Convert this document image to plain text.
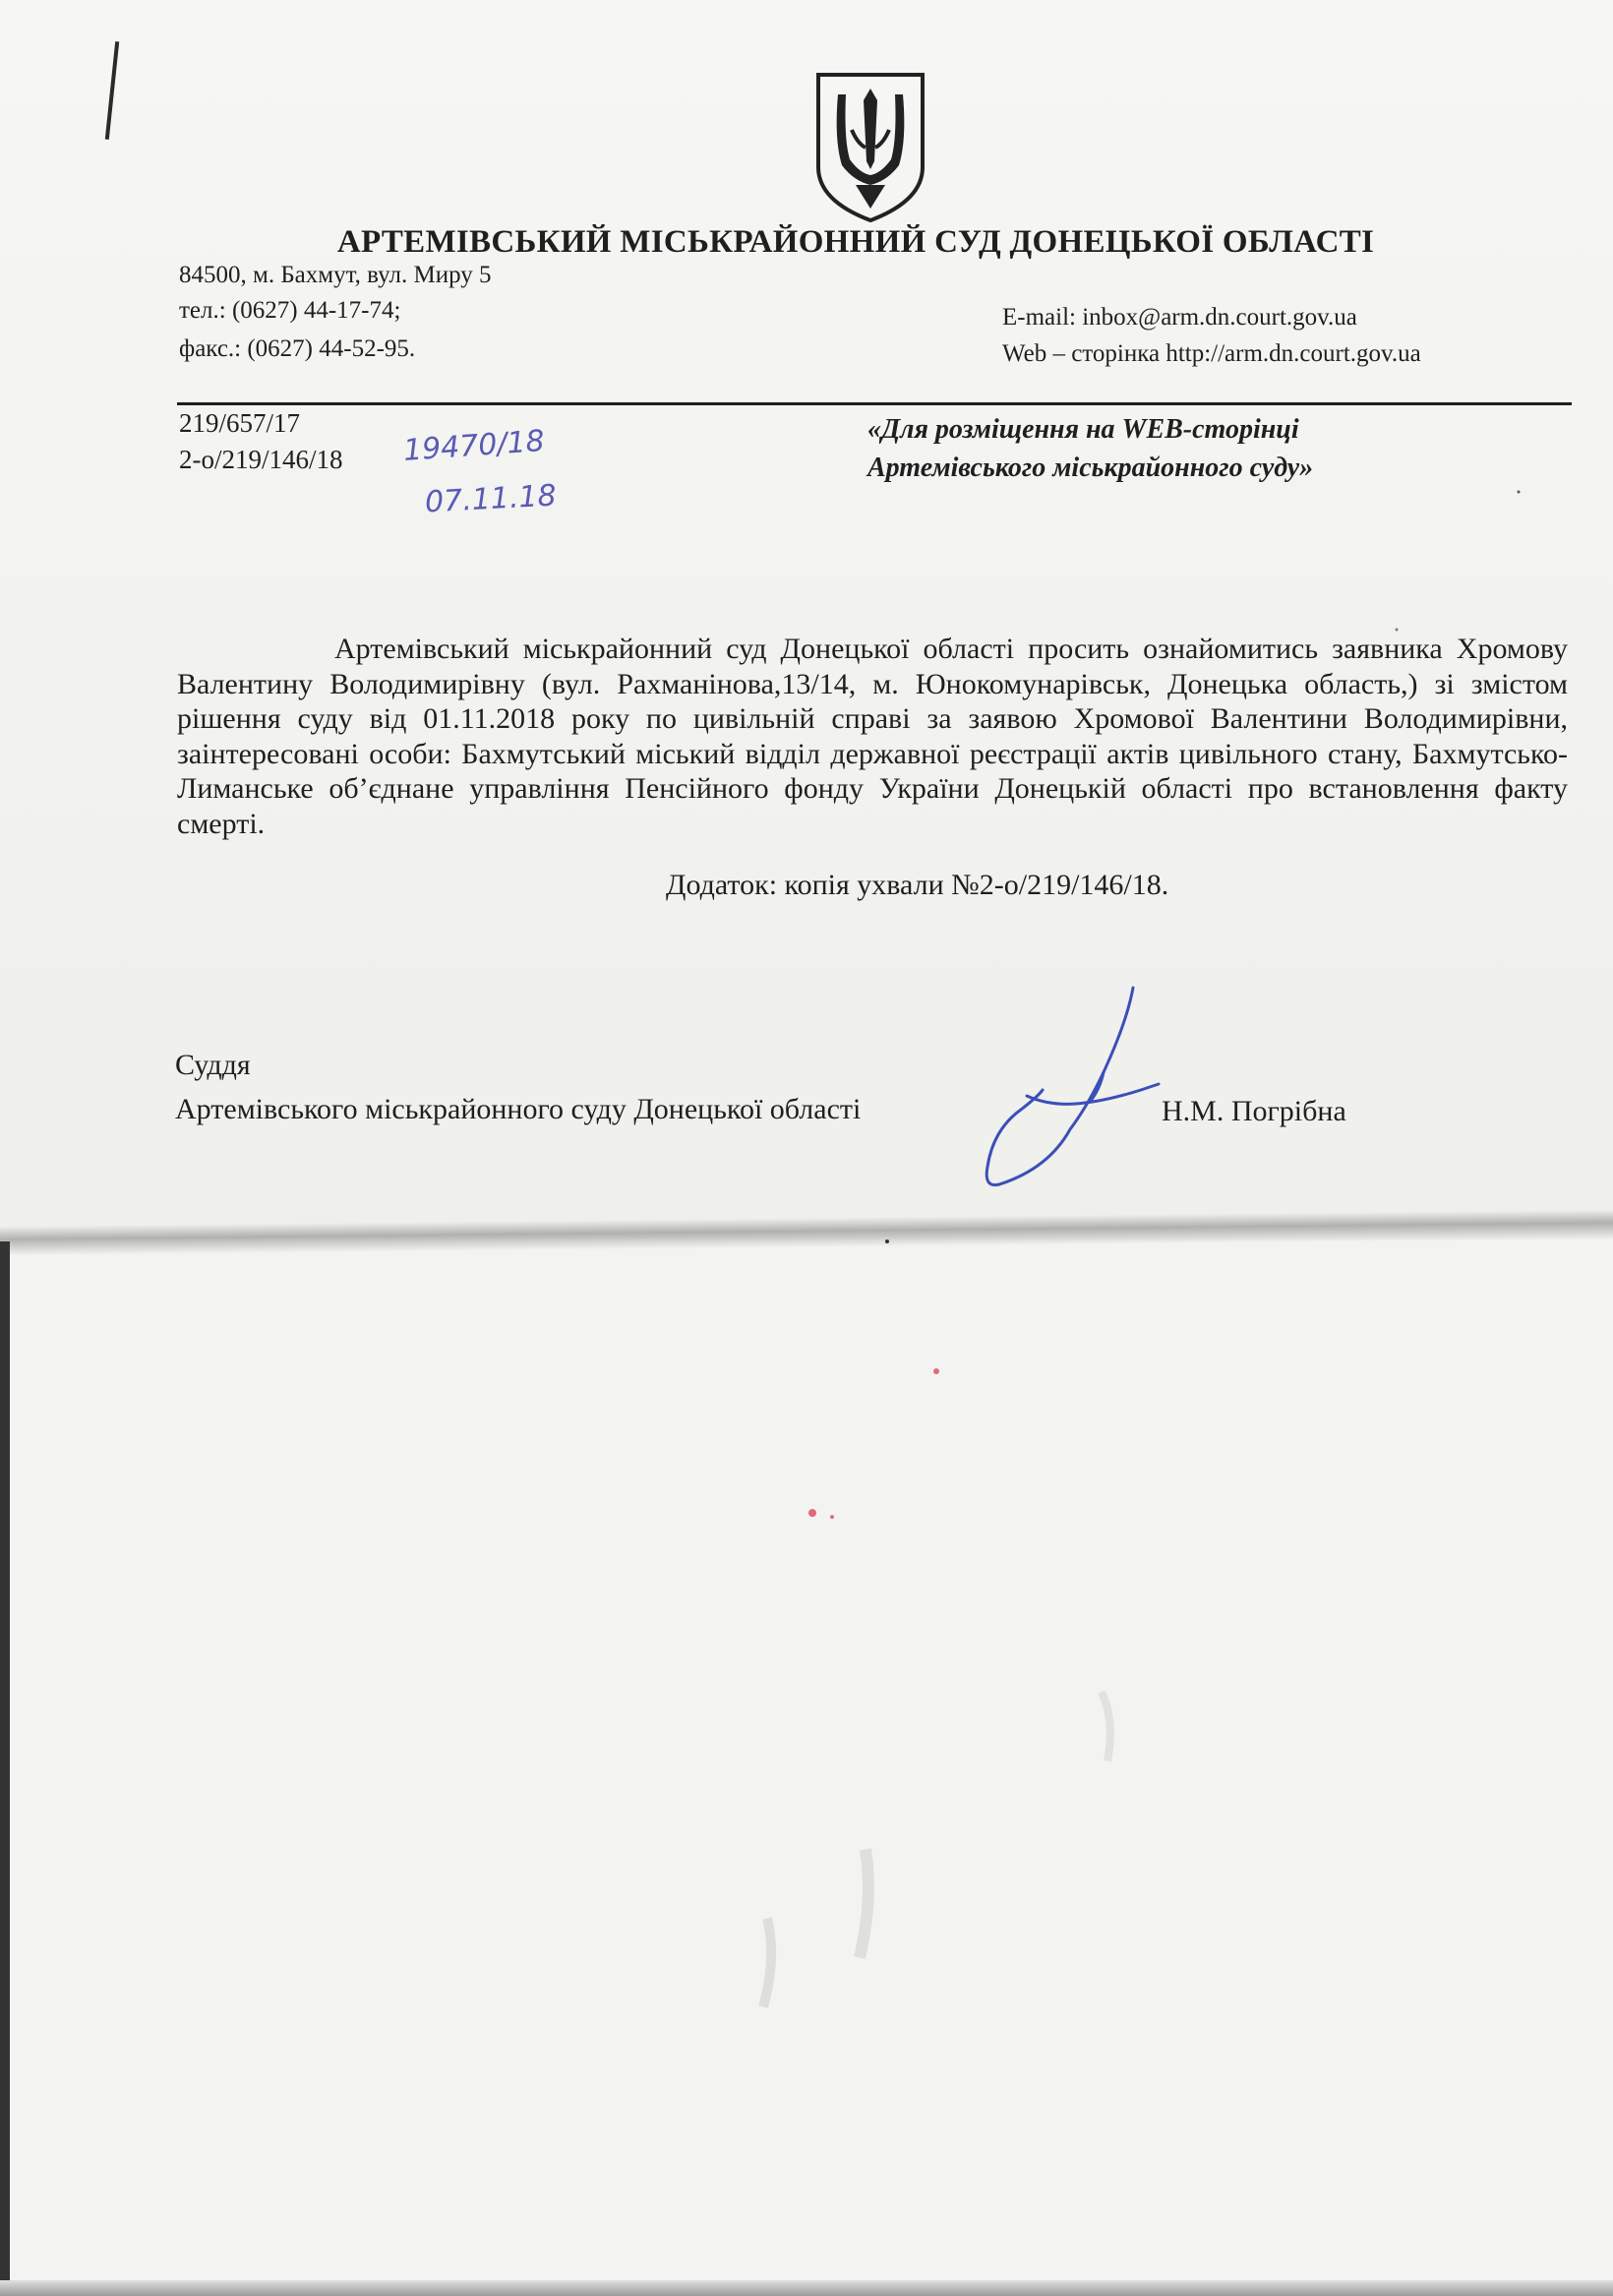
АРТЕМІВСЬКИЙ МІСЬКРАЙОННИЙ СУД ДОНЕЦЬКОЇ ОБЛАСТІ
84500, м. Бахмут, вул. Миру 5
тел.: (0627) 44-17-74;
факс.: (0627) 44-52-95.
E-mail: inbox@arm.dn.court.gov.ua
Web – сторінка http://arm.dn.court.gov.ua
219/657/17
2-о/219/146/18 19470/18
07.11.18
«Для розміщення на WEB-сторінці
Артемівського міськрайонного суду»
Артемівський міськрайонний суд Донецької області просить ознайомитись заявника Хромову Валентину Володимирівну (вул. Рахманінова,13/14, м. Юнокомунарівськ, Донецька область,) зі змістом рішення суду від 01.11.2018 року по цивільній справі за заявою Хромової Валентини Володимирівни, заінтересовані особи: Бахмутський міський відділ державної реєстрації актів цивільного стану, Бахмутсько-Лиманське об’єднане управління Пенсійного фонду України Донецькій області про встановлення факту смерті.
Додаток: копія ухвали №2-о/219/146/18.
Суддя
Артемівського міськрайонного суду Донецької області	Н.М. Погрібна
